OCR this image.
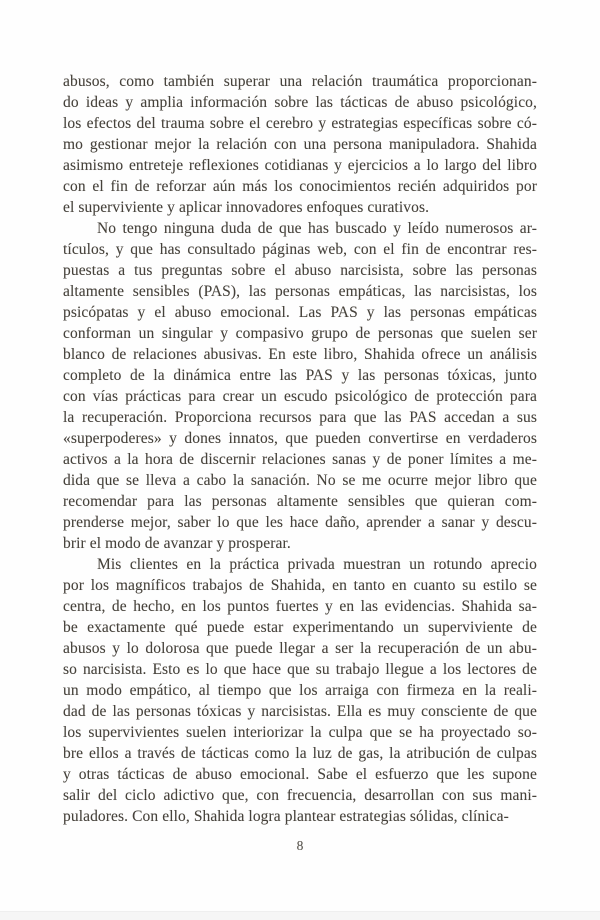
abusos, como también superar una relación traumática proporcionan-
do ideas y amplia información sobre las tácticas de abuso psicológico,
los efectos del trauma sobre el cerebro y estrategias específicas sobre có-
mo gestionar mejor la relación con una persona manipuladora. Shahida
asimismo entreteje reflexiones cotidianas y ejercicios a lo largo del libro
con el fin de reforzar aún más los conocimientos recién adquiridos por
el superviviente y aplicar innovadores enfoques curativos.
No tengo ninguna duda de que has buscado y leído numerosos ar-
tículos, y que has consultado páginas web, con el fin de encontrar res-
puestas a tus preguntas sobre el abuso narcisista, sobre las personas
altamente sensibles (PAS), las personas empáticas, las narcisistas, los
psicópatas y el abuso emocional. Las PAS y las personas empáticas
conforman un singular y compasivo grupo de personas que suelen ser
blanco de relaciones abusivas. En este libro, Shahida ofrece un análisis
completo de la dinámica entre las PAS y las personas tóxicas, junto
con vías prácticas para crear un escudo psicológico de protección para
la recuperación. Proporciona recursos para que las PAS accedan a sus
«superpoderes» y dones innatos, que pueden convertirse en verdaderos
activos a la hora de discernir relaciones sanas y de poner límites a me-
dida que se lleva a cabo la sanación. No se me ocurre mejor libro que
recomendar para las personas altamente sensibles que quieran com-
prenderse mejor, saber lo que les hace daño, aprender a sanar y descu-
brir el modo de avanzar y prosperar.
Mis clientes en la práctica privada muestran un rotundo aprecio
por los magníficos trabajos de Shahida, en tanto en cuanto su estilo se
centra, de hecho, en los puntos fuertes y en las evidencias. Shahida sa-
be exactamente qué puede estar experimentando un superviviente de
abusos y lo dolorosa que puede llegar a ser la recuperación de un abu-
so narcisista. Esto es lo que hace que su trabajo llegue a los lectores de
un modo empático, al tiempo que los arraiga con firmeza en la reali-
dad de las personas tóxicas y narcisistas. Ella es muy consciente de que
los supervivientes suelen interiorizar la culpa que se ha proyectado so-
bre ellos a través de tácticas como la luz de gas, la atribución de culpas
y otras tácticas de abuso emocional. Sabe el esfuerzo que les supone
salir del ciclo adictivo que, con frecuencia, desarrollan con sus mani-
puladores. Con ello, Shahida logra plantear estrategias sólidas, clínica-
8
